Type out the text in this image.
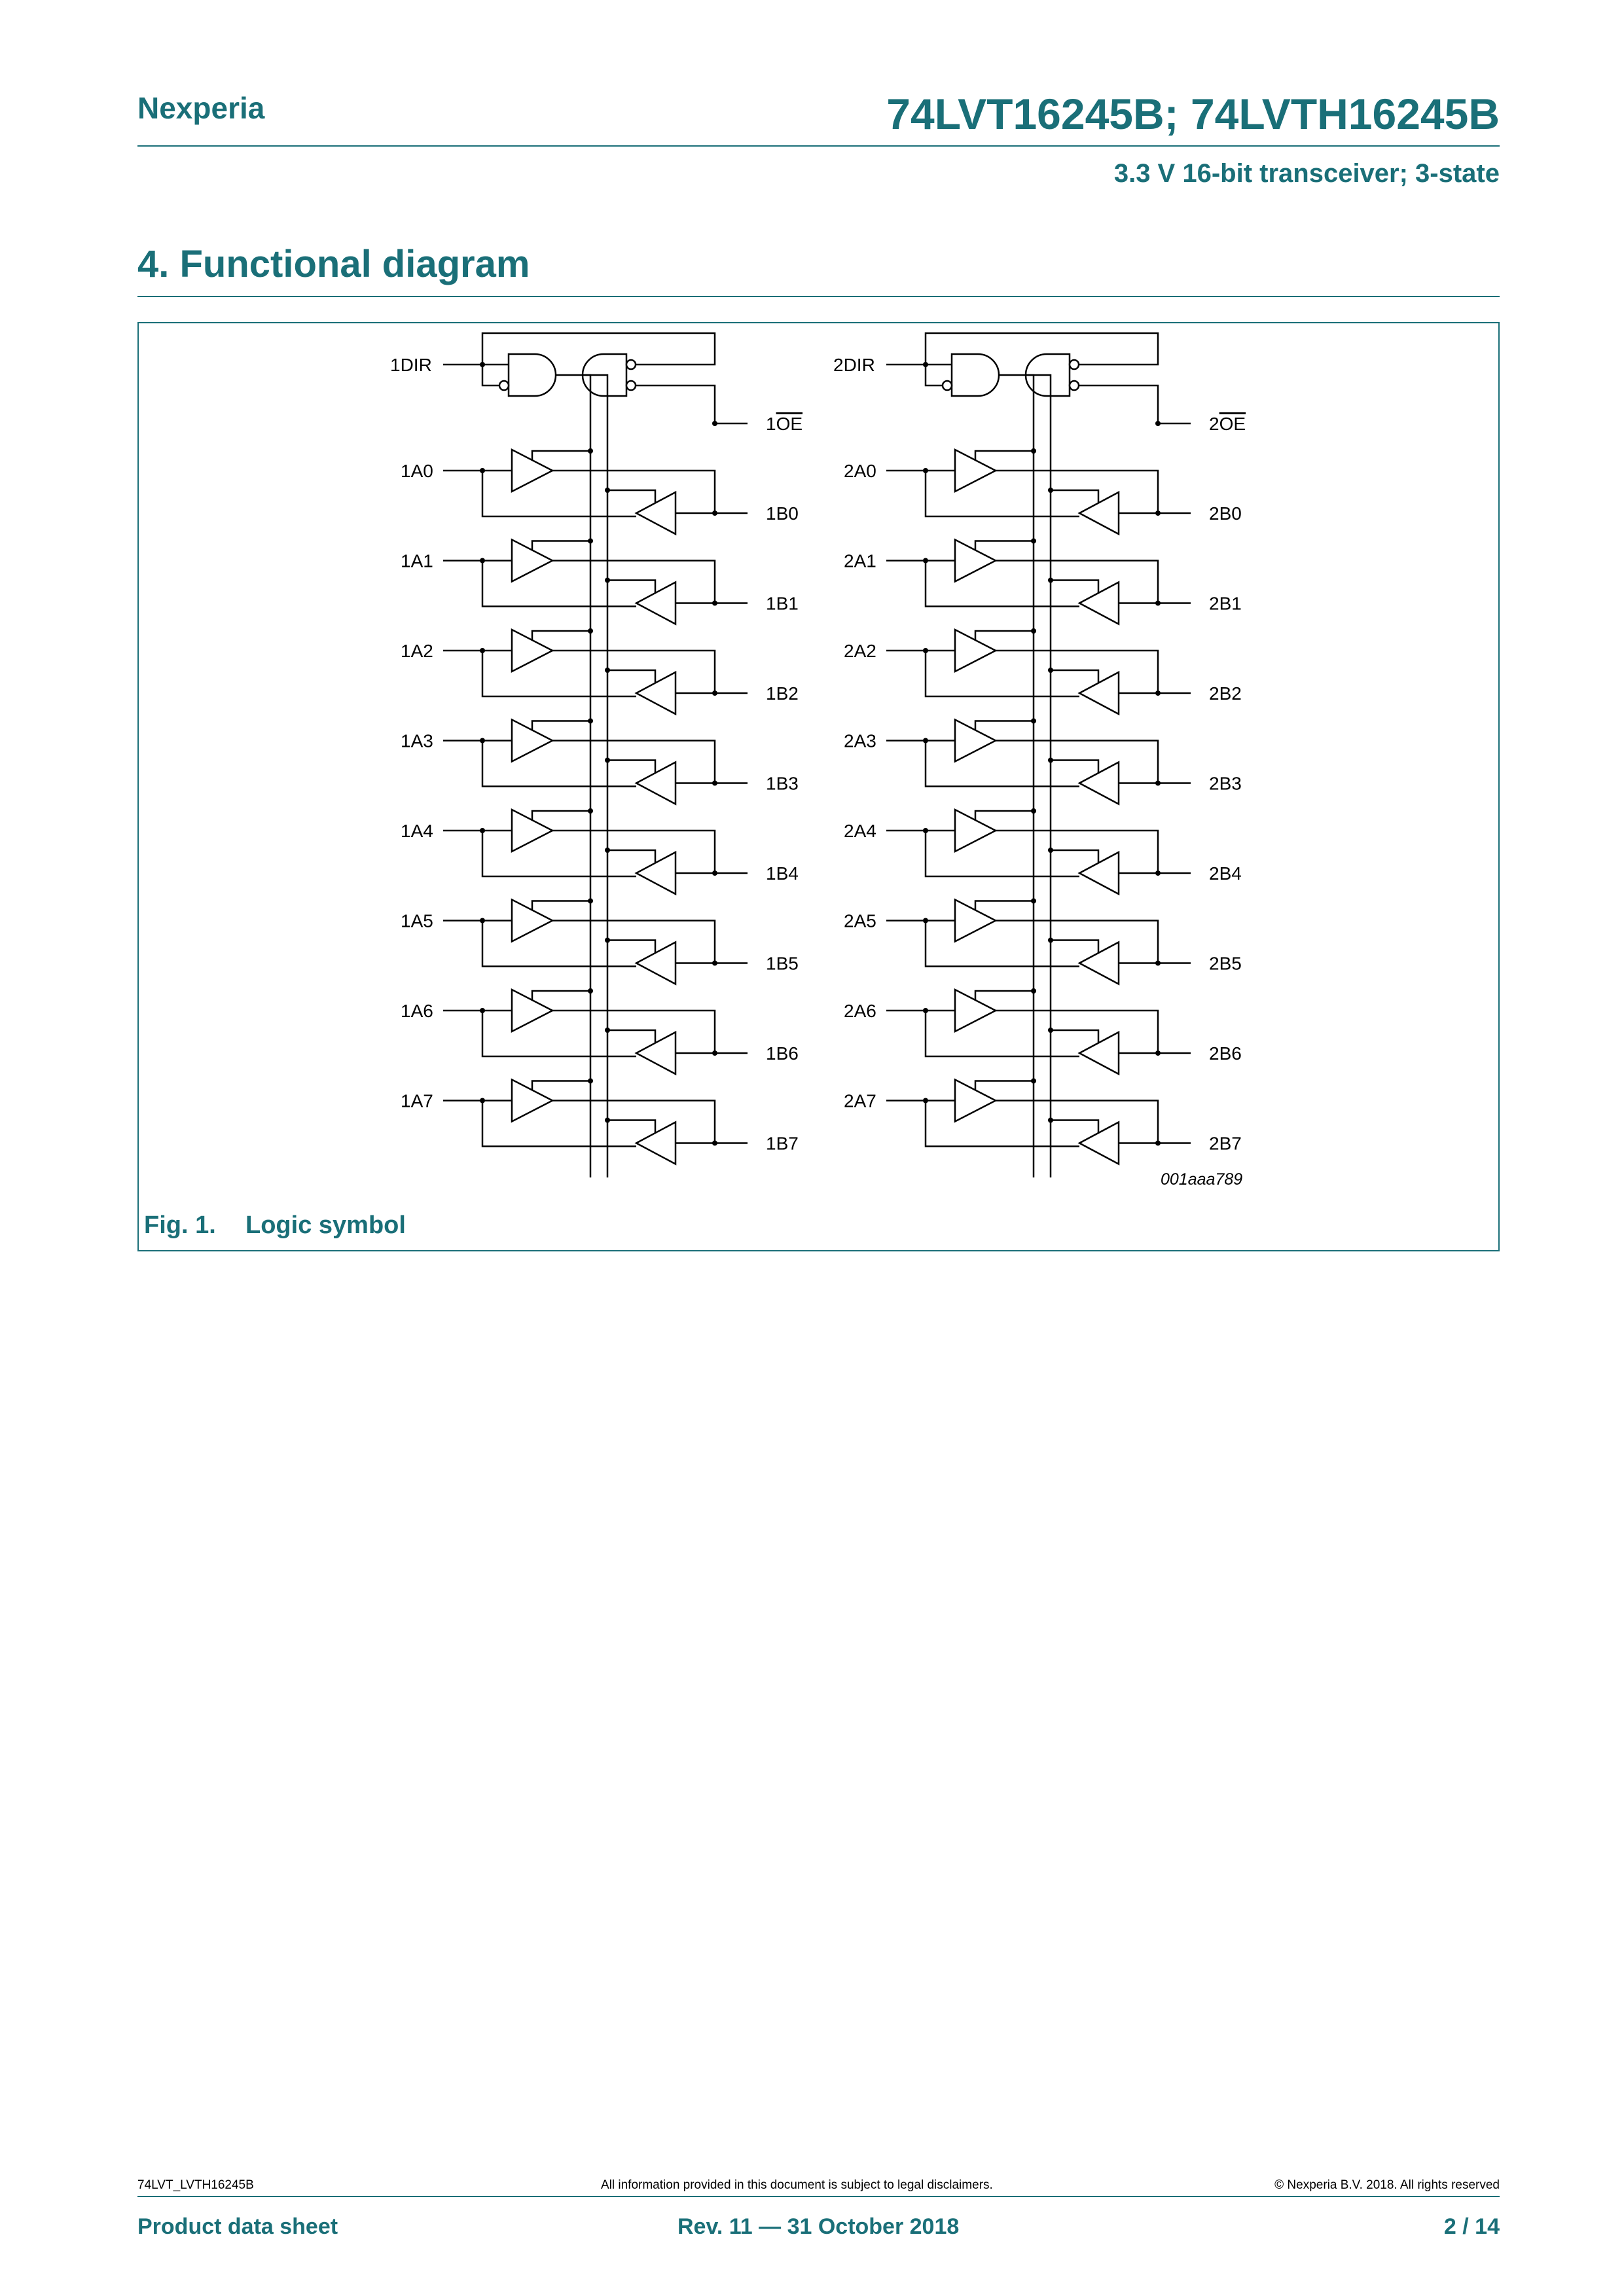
Nexperia	74LVT16245B; 74LVTH16245B
3.3 V 16-bit transceiver; 3-state
4. Functional diagram
1DIR
1OE
1A0
1B0
1A1
1B1
1A2
1B2
1A3
1B3
1A4
1B4
1A5
1B5
1A6
1B6
1A7
1B7
2DIR
2OE
2A0
2B0
2A1
2B1
2A2
2B2
2A3
2B3
2A4
2B4
2A5
2B5
2A6
2B6
2A7
2B7
001aaa789
Fig. 1. Logic symbol
74LVT_LVTH16245B	All information provided in this document is subject to legal disclaimers.	© Nexperia B.V. 2018. All rights reserved
Product data sheet	Rev. 11 — 31 October 2018	2 / 14
